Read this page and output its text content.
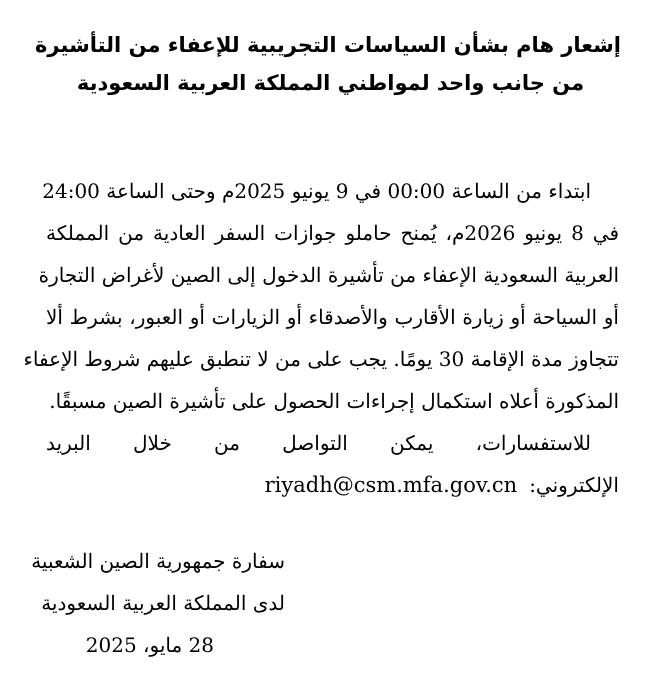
إشعار هام بشأن السياسات التجريبية للإعفاء من التأشيرة
من جانب واحد لمواطني المملكة العربية السعودية
ابتداء من الساعة 00:00 في 9 يونيو 2025م وحتى الساعة 24:00
في 8 يونيو 2026م، يُمنح حاملو جوازات السفر العادية من المملكة
العربية السعودية الإعفاء من تأشيرة الدخول إلى الصين لأغراض التجارة
أو السياحة أو زيارة الأقارب والأصدقاء أو الزيارات أو العبور، بشرط ألا
تتجاوز مدة الإقامة 30 يومًا. يجب على من لا تنطبق عليهم شروط الإعفاء
المذكورة أعلاه استكمال إجراءات الحصول على تأشيرة الصين مسبقًا.
للاستفسارات، يمكن التواصل من خلال البريد
الإلكتروني:riyadh@csm.mfa.gov.cn
سفارة جمهورية الصين الشعبية
لدى المملكة العربية السعودية
28 مايو، 2025
